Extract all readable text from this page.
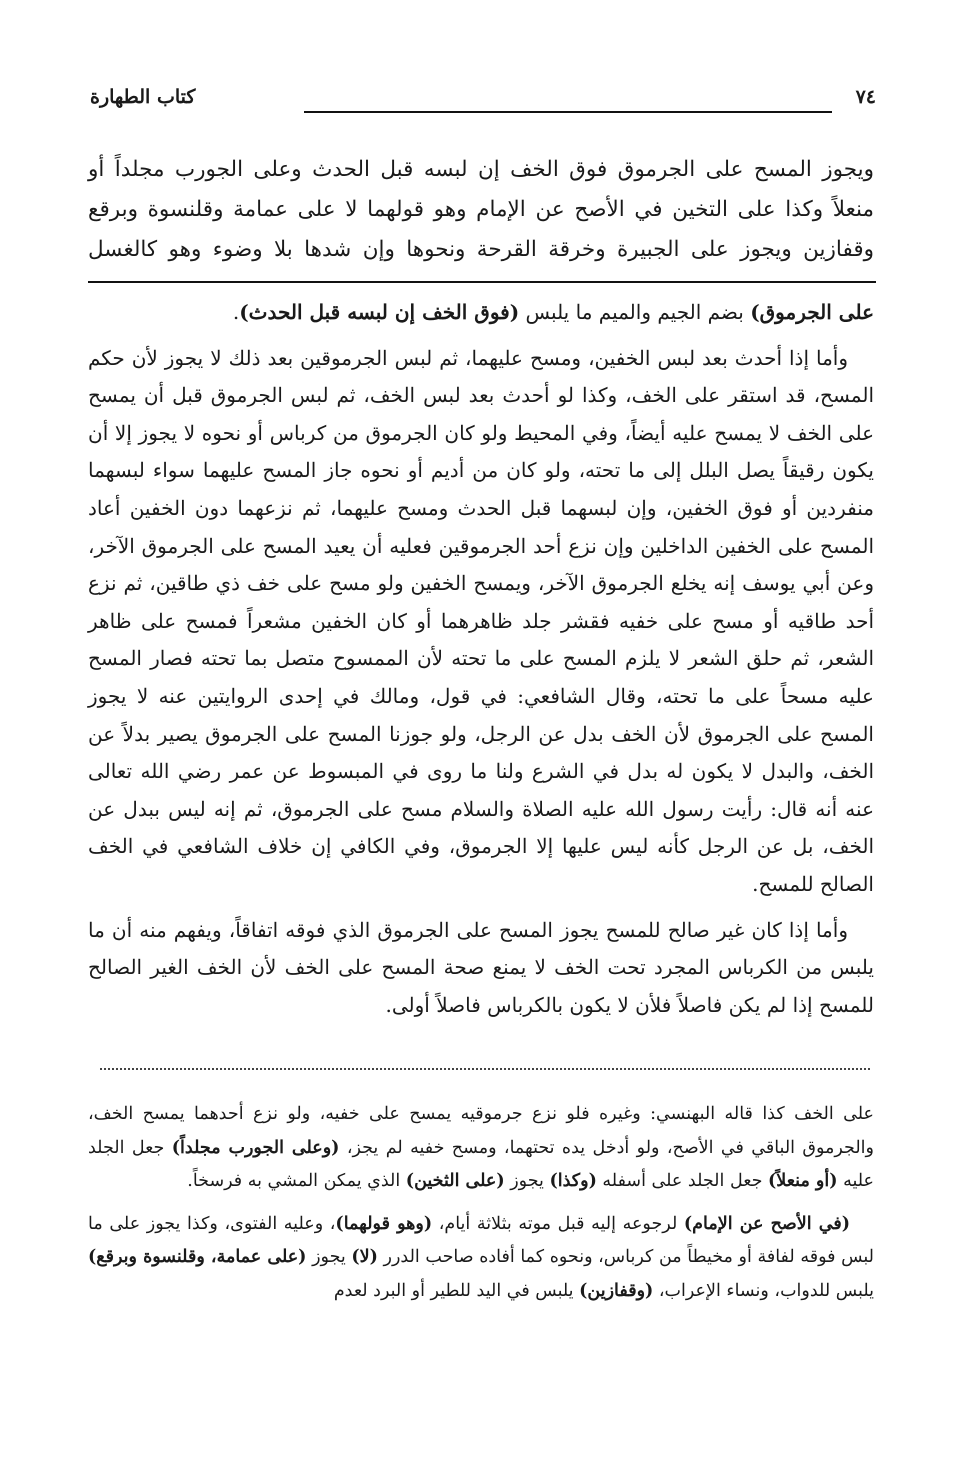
٧٤
كتاب الطهارة
ويجوز المسح على الجرموق فوق الخف إن لبسه قبل الحدث وعلى الجورب مجلداً أو منعلاً وكذا على التخين في الأصح عن الإمام وهو قولهما لا على عمامة وقلنسوة وبرقع وقفازين ويجوز على الجبيرة وخرقة القرحة ونحوها وإن شدها بلا وضوء وهو كالغسل

على الجرموق) بضم الجيم والميم ما يلبس (فوق الخف إن لبسه قبل الحدث).

وأما إذا أحدث بعد لبس الخفين، ومسح عليهما، ثم لبس الجرموقين بعد ذلك لا يجوز لأن حكم المسح، قد استقر على الخف، وكذا لو أحدث بعد لبس الخف، ثم لبس الجرموق قبل أن يمسح على الخف لا يمسح عليه أيضاً، وفي المحيط ولو كان الجرموق من كرباس أو نحوه لا يجوز إلا أن يكون رقيقاً يصل البلل إلى ما تحته، ولو كان من أديم أو نحوه جاز المسح عليهما سواء لبسهما منفردين أو فوق الخفين، وإن لبسهما قبل الحدث ومسح عليهما، ثم نزعهما دون الخفين أعاد المسح على الخفين الداخلين وإن نزع أحد الجرموقين فعليه أن يعيد المسح على الجرموق الآخر، وعن أبي يوسف إنه يخلع الجرموق الآخر، ويمسح الخفين ولو مسح على خف ذي طاقين، ثم نزع أحد طاقيه أو مسح على خفيه فقشر جلد ظاهرهما أو كان الخفين مشعراً فمسح على ظاهر الشعر، ثم حلق الشعر لا يلزم المسح على ما تحته لأن الممسوح متصل بما تحته فصار المسح عليه مسحاً على ما تحته، وقال الشافعي: في قول، ومالك في إحدى الروايتين عنه لا يجوز المسح على الجرموق لأن الخف بدل عن الرجل، ولو جوزنا المسح على الجرموق يصير بدلاً عن الخف، والبدل لا يكون له بدل في الشرع ولنا ما روى في المبسوط عن عمر رضي الله تعالى عنه أنه قال: رأيت رسول الله عليه الصلاة والسلام مسح على الجرموق، ثم إنه ليس ببدل عن الخف، بل عن الرجل كأنه ليس عليها إلا الجرموق، وفي الكافي إن خلاف الشافعي في الخف الصالح للمسح.

وأما إذا كان غير صالح للمسح يجوز المسح على الجرموق الذي فوقه اتفاقاً، ويفهم منه أن ما يلبس من الكرباس المجرد تحت الخف لا يمنع صحة المسح على الخف لأن الخف الغير الصالح للمسح إذا لم يكن فاصلاً فلأن لا يكون بالكرباس فاصلاً أولى.

على الخف كذا قاله البهنسي: وغيره فلو نزع جرموقيه يمسح على خفيه، ولو نزع أحدهما يمسح الخف، والجرموق الباقي في الأصح، ولو أدخل يده تحتهما، ومسح خفيه لم يجز، (وعلى الجورب مجلداً) جعل الجلد عليه (أو منعلاً) جعل الجلد على أسفله (وكذا) يجوز (على الثخين) الذي يمكن المشي به فرسخاً.

(في الأصح عن الإمام) لرجوعه إليه قبل موته بثلاثة أيام، (وهو قولهما)، وعليه الفتوى، وكذا يجوز على ما لبس فوقه لفافة أو مخيطاً من كرباس، ونحوه كما أفاده صاحب الدرر (لا) يجوز (على عمامة، وقلنسوة وبرقع) يلبس للدواب، ونساء الإعراب، (وقفازين) يلبس في اليد للطير أو البرد لعدم
